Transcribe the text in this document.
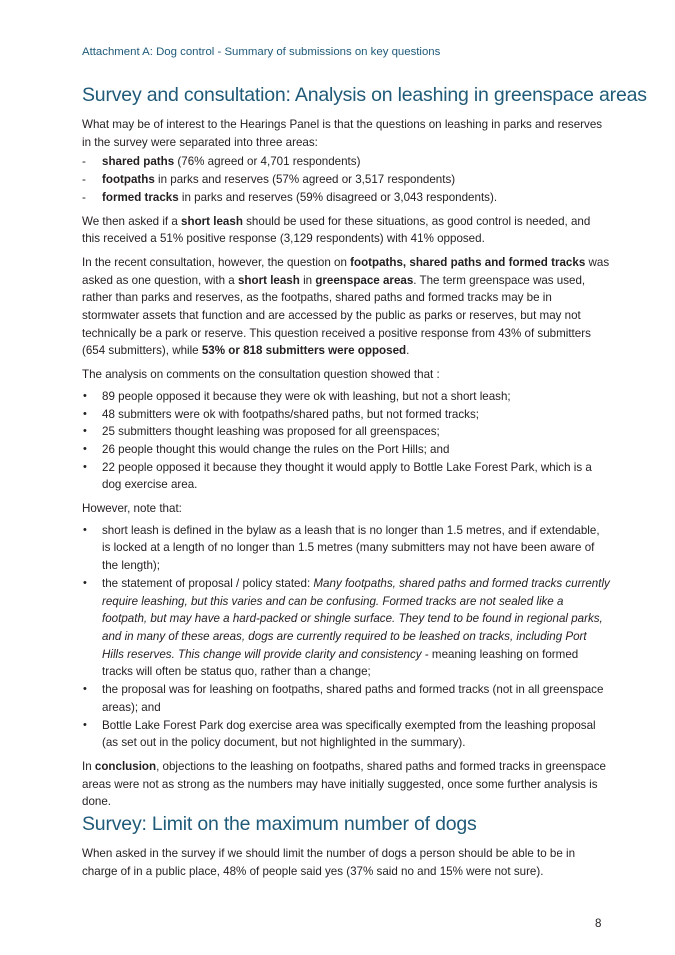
Attachment A: Dog control - Summary of submissions on key questions
Survey and consultation: Analysis on leashing in greenspace areas

What may be of interest to the Hearings Panel is that the questions on leashing in parks and reserves in the survey were separated into three areas:

- shared paths (76% agreed or 4,701 respondents)
- footpaths in parks and reserves (57% agreed or 3,517 respondents)
- formed tracks in parks and reserves (59% disagreed or 3,043 respondents).

We then asked if a short leash should be used for these situations, as good control is needed, and this received a 51% positive response (3,129 respondents) with 41% opposed.

In the recent consultation, however, the question on footpaths, shared paths and formed tracks was asked as one question, with a short leash in greenspace areas. The term greenspace was used, rather than parks and reserves, as the footpaths, shared paths and formed tracks may be in stormwater assets that function and are accessed by the public as parks or reserves, but may not technically be a park or reserve. This question received a positive response from 43% of submitters (654 submitters), while 53% or 818 submitters were opposed.

The analysis on comments on the consultation question showed that :

• 89 people opposed it because they were ok with leashing, but not a short leash;
• 48 submitters were ok with footpaths/shared paths, but not formed tracks;
• 25 submitters thought leashing was proposed for all greenspaces;
• 26 people thought this would change the rules on the Port Hills; and
• 22 people opposed it because they thought it would apply to Bottle Lake Forest Park, which is a dog exercise area.

However, note that:

• short leash is defined in the bylaw as a leash that is no longer than 1.5 metres, and if extendable, is locked at a length of no longer than 1.5 metres (many submitters may not have been aware of the length);
• the statement of proposal / policy stated: Many footpaths, shared paths and formed tracks currently require leashing, but this varies and can be confusing. Formed tracks are not sealed like a footpath, but may have a hard-packed or shingle surface. They tend to be found in regional parks, and in many of these areas, dogs are currently required to be leashed on tracks, including Port Hills reserves. This change will provide clarity and consistency - meaning leashing on formed tracks will often be status quo, rather than a change;
• the proposal was for leashing on footpaths, shared paths and formed tracks (not in all greenspace areas); and
• Bottle Lake Forest Park dog exercise area was specifically exempted from the leashing proposal (as set out in the policy document, but not highlighted in the summary).

In conclusion, objections to the leashing on footpaths, shared paths and formed tracks in greenspace areas were not as strong as the numbers may have initially suggested, once some further analysis is done.

Survey: Limit on the maximum number of dogs

When asked in the survey if we should limit the number of dogs a person should be able to be in charge of in a public place, 48% of people said yes (37% said no and 15% were not sure).

8
